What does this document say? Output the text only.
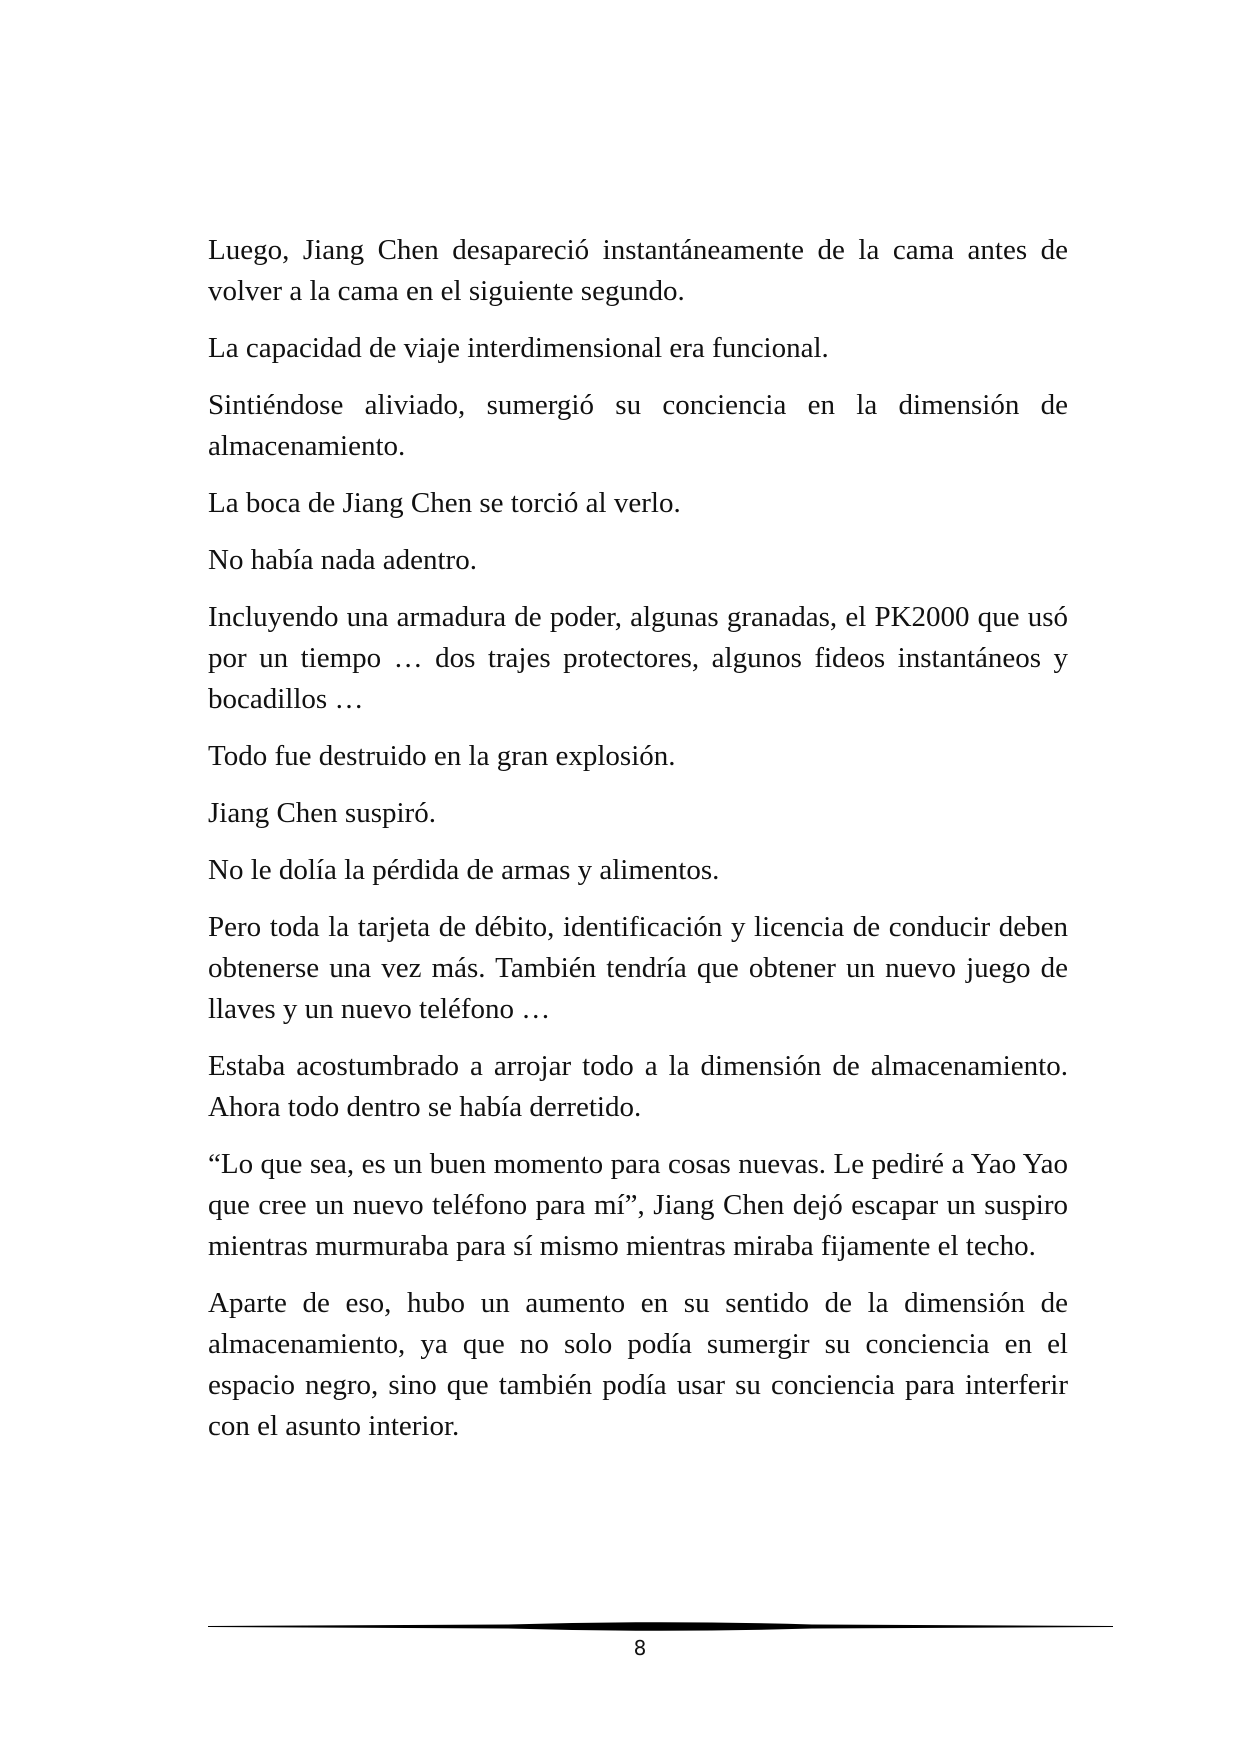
Luego, Jiang Chen desapareció instantáneamente de la cama antes de volver a la cama en el siguiente segundo.

La capacidad de viaje interdimensional era funcional.

Sintiéndose aliviado, sumergió su conciencia en la dimensión de almacenamiento.

La boca de Jiang Chen se torció al verlo.

No había nada adentro.

Incluyendo una armadura de poder, algunas granadas, el PK2000 que usó por un tiempo … dos trajes protectores, algunos fideos instantáneos y bocadillos …

Todo fue destruido en la gran explosión.

Jiang Chen suspiró.

No le dolía la pérdida de armas y alimentos.

Pero toda la tarjeta de débito, identificación y licencia de conducir deben obtenerse una vez más. También tendría que obtener un nuevo juego de llaves y un nuevo teléfono …

Estaba acostumbrado a arrojar todo a la dimensión de almacenamiento. Ahora todo dentro se había derretido.

“Lo que sea, es un buen momento para cosas nuevas. Le pediré a Yao Yao que cree un nuevo teléfono para mí”, Jiang Chen dejó escapar un suspiro mientras murmuraba para sí mismo mientras miraba fijamente el techo.

Aparte de eso, hubo un aumento en su sentido de la dimensión de almacenamiento, ya que no solo podía sumergir su conciencia en el espacio negro, sino que también podía usar su conciencia para interferir con el asunto interior.

8
